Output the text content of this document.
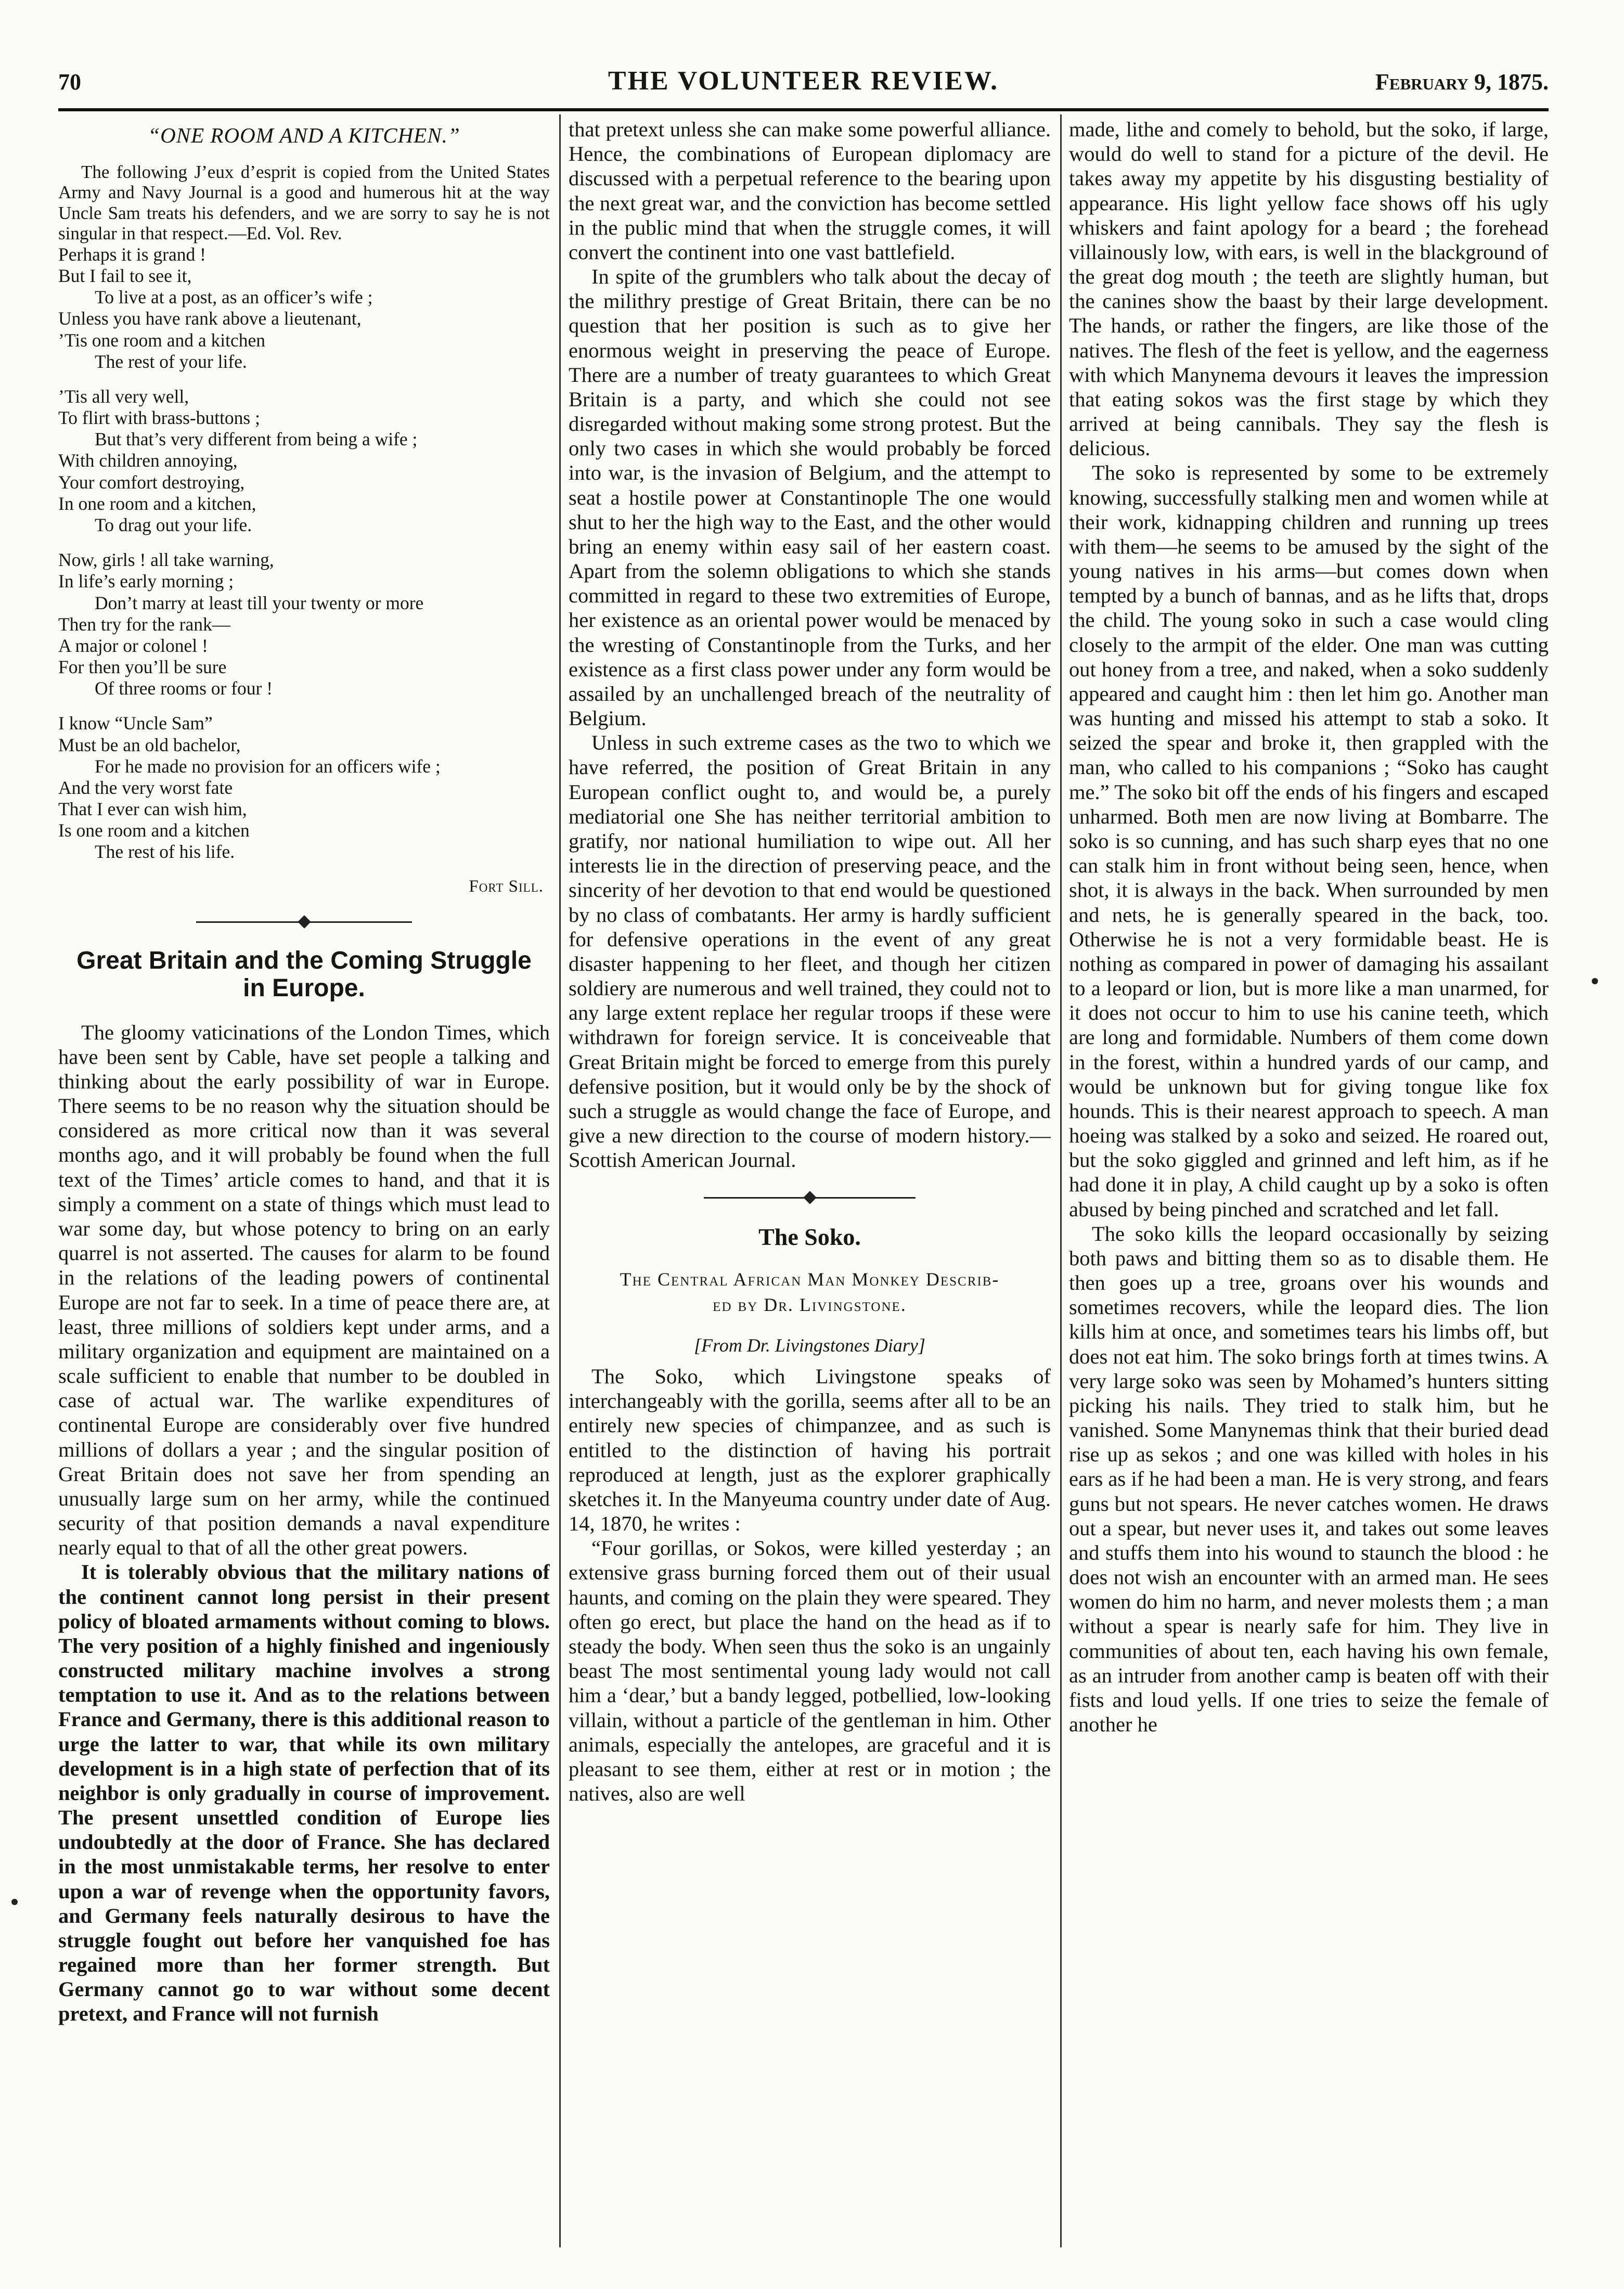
70	THE VOLUNTEER REVIEW.	February 9, 1875.
“ONE ROOM AND A KITCHEN.”

The following J’eux d’esprit is copied from the United States Army and Navy Journal is a good and humerous hit at the way Uncle Sam treats his defenders, and we are sorry to say he is not singular in that respect.—Ed. Vol. Rev.

Perhaps it is grand !
But I fail to see it,
To live at a post, as an officer’s wife ;
Unless you have rank above a lieutenant,
’Tis one room and a kitchen
The rest of your life.
’Tis all very well,
To flirt with brass-buttons ;
But that’s very different from being a wife ;
With children annoying,
Your comfort destroying,
In one room and a kitchen,
To drag out your life.
Now, girls ! all take warning,
In life’s early morning ;
Don’t marry at least till your twenty or more
Then try for the rank—
A major or colonel !
For then you’ll be sure
Of three rooms or four !
I know “Uncle Sam”
Must be an old bachelor,
For he made no provision for an officers wife ;
And the very worst fate
That I ever can wish him,
Is one room and a kitchen
The rest of his life.
Fort Sill.
Great Britain and the Coming Struggle
in Europe.

The gloomy vaticinations of the London Times, which have been sent by Cable, have set people a talking and thinking about the early possibility of war in Europe. There seems to be no reason why the situation should be considered as more critical now than it was several months ago, and it will probably be found when the full text of the Times’ article comes to hand, and that it is simply a comment on a state of things which must lead to war some day, but whose potency to bring on an early quarrel is not asserted. The causes for alarm to be found in the relations of the leading powers of continental Europe are not far to seek. In a time of peace there are, at least, three millions of soldiers kept under arms, and a military organization and equipment are maintained on a scale sufficient to enable that number to be doubled in case of actual war. The warlike expenditures of continental Europe are considerably over five hundred millions of dollars a year ; and the singular position of Great Britain does not save her from spending an unusually large sum on her army, while the continued security of that position demands a naval expenditure nearly equal to that of all the other great powers.

It is tolerably obvious that the military nations of the continent cannot long persist in their present policy of bloated armaments without coming to blows. The very position of a highly finished and ingeniously constructed military machine involves a strong temptation to use it. And as to the relations between France and Germany, there is this additional reason to urge the latter to war, that while its own military development is in a high state of perfection that of its neighbor is only gradually in course of improvement. The present unsettled condition of Europe lies undoubtedly at the door of France. She has declared in the most unmistakable terms, her resolve to enter upon a war of revenge when the opportunity favors, and Germany feels naturally desirous to have the struggle fought out before her vanquished foe has regained more than her former strength. But Germany cannot go to war without some decent pretext, and France will not furnish

that pretext unless she can make some powerful alliance. Hence, the combinations of European diplomacy are discussed with a perpetual reference to the bearing upon the next great war, and the conviction has become settled in the public mind that when the struggle comes, it will convert the continent into one vast battlefield.

In spite of the grumblers who talk about the decay of the milithry prestige of Great Britain, there can be no question that her position is such as to give her enormous weight in preserving the peace of Europe. There are a number of treaty guarantees to which Great Britain is a party, and which she could not see disregarded without making some strong protest. But the only two cases in which she would probably be forced into war, is the invasion of Belgium, and the attempt to seat a hostile power at Constantinople The one would shut to her the high way to the East, and the other would bring an enemy within easy sail of her eastern coast. Apart from the solemn obligations to which she stands committed in regard to these two extremities of Europe, her existence as an oriental power would be menaced by the wresting of Constantinople from the Turks, and her existence as a first class power under any form would be assailed by an unchallenged breach of the neutrality of Belgium.

Unless in such extreme cases as the two to which we have referred, the position of Great Britain in any European conflict ought to, and would be, a purely mediatorial one She has neither territorial ambition to gratify, nor national humiliation to wipe out. All her interests lie in the direction of preserving peace, and the sincerity of her devotion to that end would be questioned by no class of combatants. Her army is hardly sufficient for defensive operations in the event of any great disaster happening to her fleet, and though her citizen soldiery are numerous and well trained, they could not to any large extent replace her regular troops if these were withdrawn for foreign service. It is conceiveable that Great Britain might be forced to emerge from this purely defensive position, but it would only be by the shock of such a struggle as would change the face of Europe, and give a new direction to the course of modern history.—Scottish American Journal.

The Soko.
The Central African Man Monkey Describ-
ed by Dr. Livingstone.
[From Dr. Livingstones Diary]

The Soko, which Livingstone speaks of interchangeably with the gorilla, seems after all to be an entirely new species of chimpanzee, and as such is entitled to the distinction of having his portrait reproduced at length, just as the explorer graphically sketches it. In the Manyeuma country under date of Aug. 14, 1870, he writes :

“Four gorillas, or Sokos, were killed yesterday ; an extensive grass burning forced them out of their usual haunts, and coming on the plain they were speared. They often go erect, but place the hand on the head as if to steady the body. When seen thus the soko is an ungainly beast The most sentimental young lady would not call him a ‘dear,’ but a bandy legged, potbellied, low-looking villain, without a particle of the gentleman in him. Other animals, especially the antelopes, are graceful and it is pleasant to see them, either at rest or in motion ; the natives, also are well

made, lithe and comely to behold, but the soko, if large, would do well to stand for a picture of the devil. He takes away my appetite by his disgusting bestiality of appearance. His light yellow face shows off his ugly whiskers and faint apology for a beard ; the forehead villainously low, with ears, is well in the blackground of the great dog mouth ; the teeth are slightly human, but the canines show the baast by their large development. The hands, or rather the fingers, are like those of the natives. The flesh of the feet is yellow, and the eagerness with which Manynema devours it leaves the impression that eating sokos was the first stage by which they arrived at being cannibals. They say the flesh is delicious.

The soko is represented by some to be extremely knowing, successfully stalking men and women while at their work, kidnapping children and running up trees with them—he seems to be amused by the sight of the young natives in his arms—but comes down when tempted by a bunch of bannas, and as he lifts that, drops the child. The young soko in such a case would cling closely to the armpit of the elder. One man was cutting out honey from a tree, and naked, when a soko suddenly appeared and caught him : then let him go. Another man was hunting and missed his attempt to stab a soko. It seized the spear and broke it, then grappled with the man, who called to his companions ; “Soko has caught me.” The soko bit off the ends of his fingers and escaped unharmed. Both men are now living at Bombarre. The soko is so cunning, and has such sharp eyes that no one can stalk him in front without being seen, hence, when shot, it is always in the back. When surrounded by men and nets, he is generally speared in the back, too. Otherwise he is not a very formidable beast. He is nothing as compared in power of damaging his assailant to a leopard or lion, but is more like a man unarmed, for it does not occur to him to use his canine teeth, which are long and formidable. Numbers of them come down in the forest, within a hundred yards of our camp, and would be unknown but for giving tongue like fox hounds. This is their nearest approach to speech. A man hoeing was stalked by a soko and seized. He roared out, but the soko giggled and grinned and left him, as if he had done it in play, A child caught up by a soko is often abused by being pinched and scratched and let fall.

The soko kills the leopard occasionally by seizing both paws and bitting them so as to disable them. He then goes up a tree, groans over his wounds and sometimes recovers, while the leopard dies. The lion kills him at once, and sometimes tears his limbs off, but does not eat him. The soko brings forth at times twins. A very large soko was seen by Mohamed’s hunters sitting picking his nails. They tried to stalk him, but he vanished. Some Manynemas think that their buried dead rise up as sekos ; and one was killed with holes in his ears as if he had been a man. He is very strong, and fears guns but not spears. He never catches women. He draws out a spear, but never uses it, and takes out some leaves and stuffs them into his wound to staunch the blood : he does not wish an encounter with an armed man. He sees women do him no harm, and never molests them ; a man without a spear is nearly safe for him. They live in communities of about ten, each having his own female, as an intruder from another camp is beaten off with their fists and loud yells. If one tries to seize the female of another he
